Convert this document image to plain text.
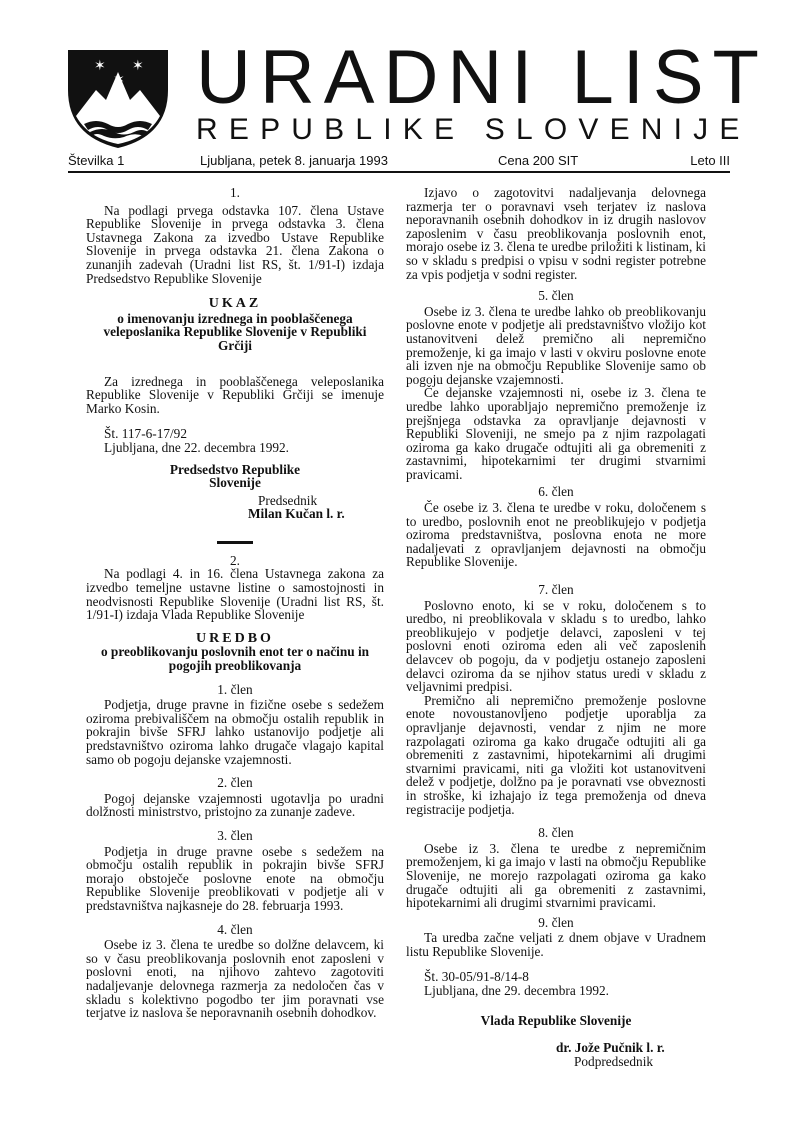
✶ ✶
✶ URADNI LIST
REPUBLIKE SLOVENIJE
Številka 1	Ljubljana, petek 8. januarja 1993	Cena 200 SIT	Leto III

1.

Na podlagi prvega odstavka 107. člena Ustave Republike Slovenije in prvega odstavka 3. člena Ustavnega Zakona za izvedbo Ustave Republike Slovenije in prvega odstavka 21. člena Zakona o zunanjih zadevah (Uradni list RS, št. 1/91-I) izdaja Predsedstvo Republike Slovenije

UKAZ

o imenovanju izrednega in pooblaščenega veleposlanika Republike Slovenije v Republiki Grčiji

Za izrednega in pooblaščenega veleposlanika Republike Slovenije v Republiki Grčiji se imenuje Marko Kosin.

Št. 117-6-17/92

Ljubljana, dne 22. decembra 1992.

Predsedstvo Republike Slovenije

Predsednik

Milan Kučan l. r.

2.

Na podlagi 4. in 16. člena Ustavnega zakona za izvedbo temeljne ustavne listine o samostojnosti in neodvisnosti Republike Slovenije (Uradni list RS, št. 1/91-I) izdaja Vlada Republike Slovenije

UREDBO

o preoblikovanju poslovnih enot ter o načinu in pogojih preoblikovanja

1. člen

Podjetja, druge pravne in fizične osebe s sedežem oziroma prebivališčem na območju ostalih republik in pokrajin bivše SFRJ lahko ustanovijo podjetje ali predstavništvo oziroma lahko drugače vlagajo kapital samo ob pogoju dejanske vzajemnosti.

2. člen

Pogoj dejanske vzajemnosti ugotavlja po uradni dolžnosti ministrstvo, pristojno za zunanje zadeve.

3. člen

Podjetja in druge pravne osebe s sedežem na območju ostalih republik in pokrajin bivše SFRJ morajo obstoječe poslovne enote na območju Republike Slovenije preoblikovati v podjetje ali v predstavništva najkasneje do 28. februarja 1993.

4. člen

Osebe iz 3. člena te uredbe so dolžne delavcem, ki so v času preoblikovanja poslovnih enot zaposleni v poslovni enoti, na njihovo zahtevo zagotoviti nadaljevanje delovnega razmerja za nedoločen čas v skladu s kolektivno pogodbo ter jim poravnati vse terjatve iz naslova še neporavnanih osebnih dohodkov.

Izjavo o zagotovitvi nadaljevanja delovnega razmerja ter o poravnavi vseh terjatev iz naslova neporavnanih osebnih dohodkov in iz drugih naslovov zaposlenim v času preoblikovanja poslovnih enot, morajo osebe iz 3. člena te uredbe priložiti k listinam, ki so v skladu s predpisi o vpisu v sodni register potrebne za vpis podjetja v sodni register.

5. člen

Osebe iz 3. člena te uredbe lahko ob preoblikovanju poslovne enote v podjetje ali predstavništvo vložijo kot ustanovitveni delež premično ali nepremično premoženje, ki ga imajo v lasti v okviru poslovne enote ali izven nje na območju Republike Slovenije samo ob pogoju dejanske vzajemnosti.

Če dejanske vzajemnosti ni, osebe iz 3. člena te uredbe lahko uporabljajo nepremično premoženje iz prejšnjega odstavka za opravljanje dejavnosti v Republiki Sloveniji, ne smejo pa z njim razpolagati oziroma ga kako drugače odtujiti ali ga obremeniti z zastavnimi, hipotekarnimi ter drugimi stvarnimi pravicami.

6. člen

Če osebe iz 3. člena te uredbe v roku, določenem s to uredbo, poslovnih enot ne preoblikujejo v podjetja oziroma predstavništva, poslovna enota ne more nadaljevati z opravljanjem dejavnosti na območju Republike Slovenije.

7. člen

Poslovno enoto, ki se v roku, določenem s to uredbo, ni preoblikovala v skladu s to uredbo, lahko preoblikujejo v podjetje delavci, zaposleni v tej poslovni enoti oziroma eden ali več zaposlenih delavcev ob pogoju, da v podjetju ostanejo zaposleni delavci oziroma da se njihov status uredi v skladu z veljavnimi predpisi.

Premično ali nepremično premoženje poslovne enote novoustanovljeno podjetje uporablja za opravljanje dejavnosti, vendar z njim ne more razpolagati oziroma ga kako drugače odtujiti ali ga obremeniti z zastavnimi, hipotekarnimi ali drugimi stvarnimi pravicami, niti ga vložiti kot ustanovitveni delež v podjetje, dolžno pa je poravnati vse obveznosti in stroške, ki izhajajo iz tega premoženja od dneva registracije podjetja.

8. člen

Osebe iz 3. člena te uredbe z nepremičnim premoženjem, ki ga imajo v lasti na območju Republike Slovenije, ne morejo razpolagati oziroma ga kako drugače odtujiti ali ga obremeniti z zastavnimi, hipotekarnimi ali drugimi stvarnimi pravicami.

9. člen

Ta uredba začne veljati z dnem objave v Uradnem listu Republike Slovenije.

Št. 30-05/91-8/14-8

Ljubljana, dne 29. decembra 1992.

Vlada Republike Slovenije

dr. Jože Pučnik l. r.

Podpredsednik
